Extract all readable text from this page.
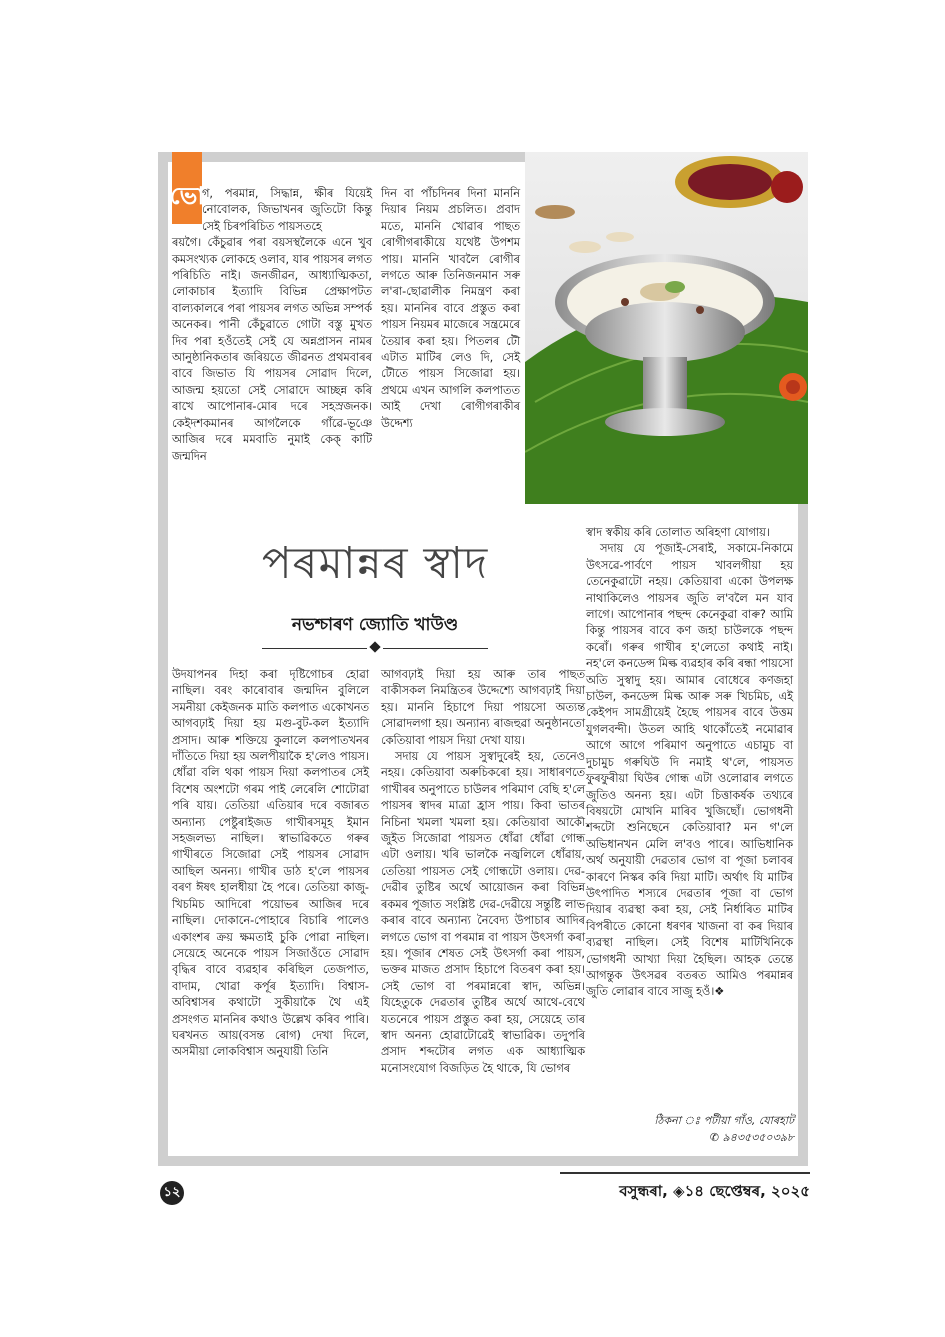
ভো

গ, পৰমান্ন, সিদ্ধান্ন, ক্ষীৰ যিয়েই নোবোলক, জিভাখনৰ জুতিটো কিন্তু সেই চিৰপৰিচিত পায়সতহে

ৰয়গৈ। কেঁচুৱাৰ পৰা বয়সস্থলৈকে এনে খুব কমসংখ্যক লোকহে ওলাব, যাৰ পায়সৰ লগত পৰিচিতি নাই। জনজীৱন, আধ্যাত্মিকতা, লোকাচাৰ ইত্যাদি বিভিন্ন প্ৰেক্ষাপটত বাল্যকালৰে পৰা পায়সৰ লগত অভিন্ন সম্পৰ্ক অনেকৰ। পানী কেঁচুৱাতে গোটা বস্তু মুখত দিব পৰা হওঁতেই সেই যে অন্নপ্ৰাসন নামৰ আনুষ্ঠানিকতাৰ জৰিয়তে জীৱনত প্ৰথমবাৰৰ বাবে জিভাত যি পায়সৰ সোৱাদ দিলে, আজন্ম হয়তো সেই সোৱাদে আচ্ছন্ন কৰি ৰাখে আপোনাৰ-মোৰ দৰে সহস্ৰজনক। কেইদশকমানৰ আগলৈকে গাঁৱে-ভূঞে আজিৰ দৰে মমবাতি নুমাই কেক্ কাটি জন্মদিন

দিন বা পাঁচদিনৰ দিনা মাননি দিয়াৰ নিয়ম প্ৰচলিত। প্ৰবাদ মতে, মাননি খোৱাৰ পাছত ৰোগীগৰাকীয়ে যথেষ্ট উপশম পায়। মাননি খাবলৈ ৰোগীৰ লগতে আৰু তিনিজনমান সৰু ল'ৰা-ছোৱালীক নিমন্ত্ৰণ কৰা হয়। মাননিৰ বাবে প্ৰস্তুত কৰা পায়স নিয়মৰ মাজেৰে সন্ত্ৰমেৰে তৈয়াৰ কৰা হয়। পিতলৰ টৌ এটাত মাটিৰ লেও দি, সেই টৌতে পায়স সিজোৱা হয়। প্ৰথমে এখন আগলি কলপাতত আই দেখা ৰোগীগৰাকীৰ উদ্দেশ্য

পৰমান্নৰ স্বাদ
নভশ্চাৰণ জ্যোতি খাউণ্ড

স্বাদ স্বকীয় কৰি তোলাত অৰিহণা যোগায়।

সদায় যে পূজাই-সেৰাই, সকামে-নিকামে উৎসৱে-পাৰ্বণে পায়স খাবলগীয়া হয় তেনেকুৱাটো নহয়। কেতিয়াবা একো উপলক্ষ নাথাকিলেও পায়সৰ জুতি ল'বলৈ মন যাব লাগে। আপোনাৰ পছন্দ কেনেকুৱা বাৰু? আমি কিন্তু পায়সৰ বাবে কণ জহা চাউলকে পছন্দ কৰোঁ। গৰুৰ গাখীৰ হ'লেতো কথাই নাই। নহ'লে কনডেন্স মিল্ক ব্যৱহাৰ কৰি ৰন্ধা পায়সো অতি সুস্বাদু হয়। আমাৰ বোধেৰে কণজহা চাউল, কনডেন্স মিল্ক আৰু সৰু খিচমিচ, এই কেইপদ সামগ্ৰীয়েই হৈছে পায়সৰ বাবে উত্তম যুগলবন্দী। উতল আহি থাকোঁতেই নমোৱাৰ আগে আগে পৰিমাণ অনুপাতে এচামুচ বা দুচামুচ গৰুঘিউ দি নমাই থ'লে, পায়সত ফুৰফুৰীয়া ঘিউৰ গোন্ধ এটা ওলোৱাৰ লগতে জুতিও অনন্য হয়। এটা চিত্তাকৰ্ষক তথ্যৰে বিষয়টো মোখনি মাৰিব খুজিছোঁ। ভোগধনী শব্দটো শুনিছেনে কেতিয়াবা? মন গ'লে অভিধানখন মেলি ল'বও পাৰে। আভিধানিক অৰ্থ অনুযায়ী দেৱতাৰ ভোগ বা পূজা চলাবৰ কাৰণে নিস্কৰ কৰি দিয়া মাটি। অৰ্থাৎ যি মাটিৰ উৎপাদিত শস্যৰে দেৱতাৰ পূজা বা ভোগ দিয়াৰ ব্যৱস্থা কৰা হয়, সেই নিৰ্ধাৰিত মাটিৰ বিপৰীতে কোনো ধৰণৰ খাজনা বা কৰ দিয়াৰ ব্যৱস্থা নাছিল। সেই বিশেষ মাটিখিনিকে ভোগধনী আখ্যা দিয়া হৈছিল। আহক তেন্তে আগন্তুক উৎসৱৰ বতৰত আমিও পৰমান্নৰ জুতি লোৱাৰ বাবে সাজু হওঁ।❖

উদযাপনৰ দিহা কৰা দৃষ্টিগোচৰ হোৱা নাছিল। বৰং কাৰোবাৰ জন্মদিন বুলিলে সমনীয়া কেইজনক মাতি কলপাত একোখনত আগবঢ়াই দিয়া হয় মগু-বুট-কল ইত্যাদি প্ৰসাদ। আৰু শক্তিয়ে কুলালে কলপাতখনৰ দাঁতিতে দিয়া হয় অলপীয়াকৈ হ'লেও পায়স। ধোঁৱা বলি থকা পায়স দিয়া কলপাতৰ সেই বিশেষ অংশটো গৰম পাই লেৰেলি শোটোৱা পৰি যায়। তেতিয়া এতিয়াৰ দৰে বজাৰত অন্যান্য পেষ্টুৰাইজড গাখীৰসমূহ ইমান সহজলভ্য নাছিল। স্বাভাৱিকতে গৰুৰ গাখীৰতে সিজোৱা সেই পায়সৰ সোৱাদ আছিল অনন্য। গাখীৰ ডাঠ হ'লে পায়সৰ বৰণ ঈষৎ হালধীয়া হৈ পৰে। তেতিয়া কাজু-খিচমিচ আদিৰো পয়োভৰ আজিৰ দৰে নাছিল। দোকানে-পোহাৰে বিচাৰি পালেও একাংশৰ ক্ৰয় ক্ষমতাই চুকি পোৱা নাছিল। সেয়েহে অনেকে পায়স সিজাওঁতে সোৱাদ বৃদ্ধিৰ বাবে ব্যৱহাৰ কৰিছিল তেজপাত, বাদাম, খোৱা কৰ্পূৰ ইত্যাদি। বিশ্বাস-অবিশ্বাসৰ কথাটো সুকীয়াকৈ থৈ এই প্ৰসংগত মাননিৰ কথাও উল্লেখ কৰিব পাৰি। ঘৰখনত আয়(বসন্ত ৰোগ) দেখা দিলে, অসমীয়া লোকবিশ্বাস অনুযায়ী তিনি

আগবঢ়াই দিয়া হয় আৰু তাৰ পাছত বাকীসকল নিমন্ত্ৰিতৰ উদ্দেশ্যে আগবঢ়াই দিয়া হয়। মাননি হিচাপে দিয়া পায়সো অত্যন্ত সোৱাদলগা হয়। অন্যান্য ৰাজহুৱা অনুষ্ঠানতো কেতিয়াবা পায়স দিয়া দেখা যায়।

সদায় যে পায়স সুস্বাদুৰেই হয়, তেনেও নহয়। কেতিয়াবা অৰুচিকৰো হয়। সাধাৰণতে গাখীৰৰ অনুপাতে চাউলৰ পৰিমাণ বেছি হ'লে পায়সৰ স্বাদৰ মাত্ৰা হ্ৰাস পায়। কিবা ভাতৰ নিচিনা খমলা খমলা হয়। কেতিয়াবা আকৌ জুইত সিজোৱা পায়সত ধোঁৱা ধোঁৱা গোন্ধ এটা ওলায়। খৰি ভালকৈ নজ্বলিলে ধোঁৱায়, তেতিয়া পায়সত সেই গোন্ধটো ওলায়। দেৱ-দেৱীৰ তুষ্টিৰ অৰ্থে আয়োজন কৰা বিভিন্ন ৰকমৰ পূজাত সংশ্লিষ্ট দেৱ-দেৱীয়ে সন্তুষ্টি লাভ কৰাৰ বাবে অন্যান্য নৈবেদ্য উপাচাৰ আদিৰ লগতে ভোগ বা পৰমান্ন বা পায়স উৎসৰ্গা কৰা হয়। পূজাৰ শেষত সেই উৎসৰ্গা কৰা পায়স, ভক্তৰ মাজত প্ৰসাদ হিচাপে বিতৰণ কৰা হয়। সেই ভোগ বা পৰমান্নৰো স্বাদ, অভিন্ন। যিহেতুকে দেৱতাৰ তুষ্টিৰ অৰ্থে আথে-বেথে যতনেৰে পায়স প্ৰস্তুত কৰা হয়, সেয়েহে তাৰ স্বাদ অনন্য হোৱাটোৱেই স্বাভাৱিক। তদুপৰি প্ৰসাদ শব্দটোৰ লগত এক আধ্যাত্মিক মনোসংযোগ বিজড়িত হৈ থাকে, যি ভোগৰ

ঠিকনা ঃ পটীয়া গাঁও, যোৰহাট
✆ ৯৪৩৫৩৫০৩৯৮
১২	বসুন্ধৰা, ◈১৪ ছেপ্তেম্বৰ, ২০২৫
